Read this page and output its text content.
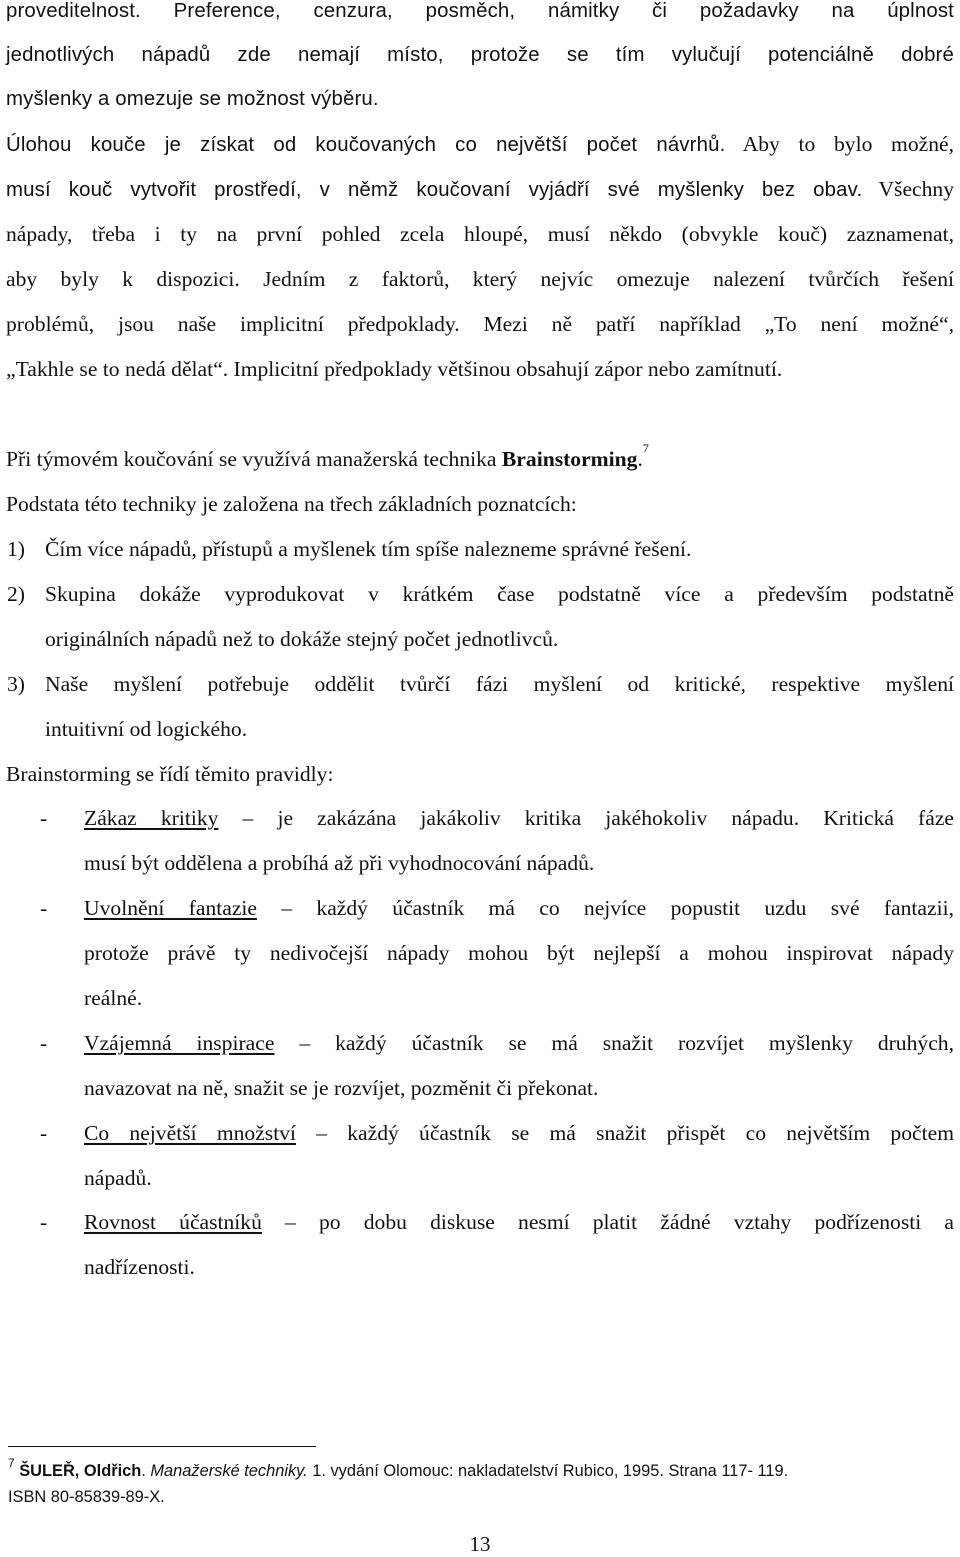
proveditelnost. Preference, cenzura, posměch, námitky či požadavky na úplnost
jednotlivých nápadů zde nemají místo, protože se tím vylučují potenciálně dobré
myšlenky a omezuje se možnost výběru.
Úlohou kouče je získat od koučovaných co největší počet návrhů. Aby to bylo možné,
musí kouč vytvořit prostředí, v němž koučovaní vyjádří své myšlenky bez obav. Všechny
nápady, třeba i ty na první pohled zcela hloupé, musí někdo (obvykle kouč) zaznamenat,
aby byly k dispozici. Jedním z faktorů, který nejvíc omezuje nalezení tvůrčích řešení
problémů, jsou naše implicitní předpoklady. Mezi ně patří například „To není možné“,
„Takhle se to nedá dělat“. Implicitní předpoklady většinou obsahují zápor nebo zamítnutí.
Při týmovém koučování se využívá manažerská technika Brainstorming.$^7$
Podstata této techniky je založena na třech základních poznatcích:
1) Čím více nápadů, přístupů a myšlenek tím spíše nalezneme správné řešení.
2) Skupina dokáže vyprodukovat v krátkém čase podstatně více a především podstatně
originálních nápadů než to dokáže stejný počet jednotlivců.
3) Naše myšlení potřebuje oddělit tvůrčí fázi myšlení od kritické, respektive myšlení
intuitivní od logického.
Brainstorming se řídí těmito pravidly:
- Zákaz kritiky – je zakázána jakákoliv kritika jakéhokoliv nápadu. Kritická fáze
musí být oddělena a probíhá až při vyhodnocování nápadů.
- Uvolnění fantazie – každý účastník má co nejvíce popustit uzdu své fantazii,
protože právě ty nedivočejší nápady mohou být nejlepší a mohou inspirovat nápady
reálné.
- Vzájemná inspirace – každý účastník se má snažit rozvíjet myšlenky druhých,
navazovat na ně, snažit se je rozvíjet, pozměnit či překonat.
- Co největší množství – každý účastník se má snažit přispět co největším počtem
nápadů.
- Rovnost účastníků – po dobu diskuse nesmí platit žádné vztahy podřízenosti a
nadřízenosti.
$^7$ ŠULEŘ, Oldřich. Manažerské techniky. 1. vydání Olomouc: nakladatelství Rubico, 1995. Strana 117- 119.
ISBN 80-85839-89-X.
13
